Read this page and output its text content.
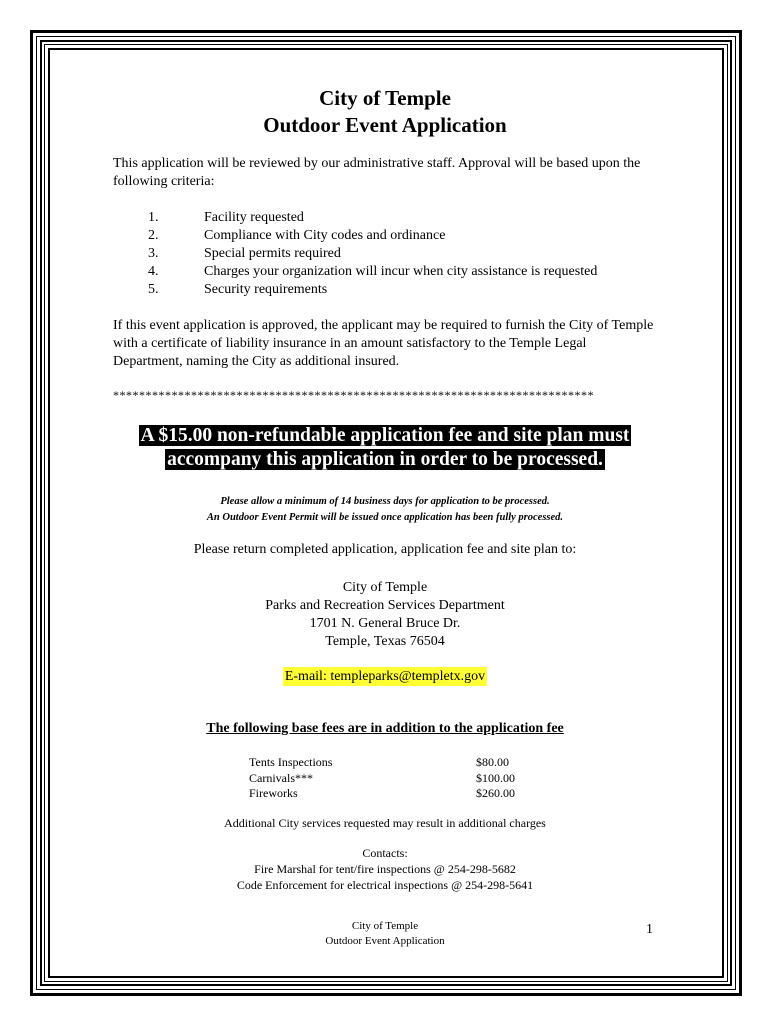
City of Temple
Outdoor Event Application
This application will be reviewed by our administrative staff. Approval will be based upon the following criteria:
1.	Facility requested
2.	Compliance with City codes and ordinance
3.	Special permits required
4.	Charges your organization will incur when city assistance is requested
5.	Security requirements
If this event application is approved, the applicant may be required to furnish the City of Temple with a certificate of liability insurance in an amount satisfactory to the Temple Legal Department, naming the City as additional insured.
**************************************************************************
A $15.00 non-refundable application fee and site plan must
accompany this application in order to be processed.
Please allow a minimum of 14 business days for application to be processed.
An Outdoor Event Permit will be issued once application has been fully processed.
Please return completed application, application fee and site plan to:
City of Temple
Parks and Recreation Services Department
1701 N. General Bruce Dr.
Temple, Texas 76504
E-mail: templeparks@templetx.gov
The following base fees are in addition to the application fee
Tents Inspections	$80.00
Carnivals***	$100.00
Fireworks	$260.00
Additional City services requested may result in additional charges
Contacts:
Fire Marshal for tent/fire inspections @ 254-298-5682
Code Enforcement for electrical inspections @ 254-298-5641
City of Temple
Outdoor Event Application
1
